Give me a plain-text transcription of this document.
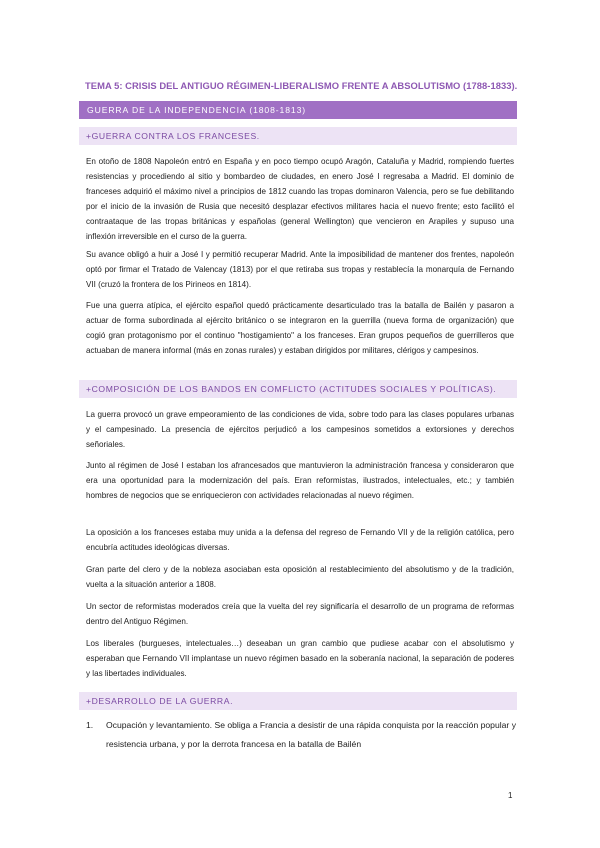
TEMA 5: CRISIS DEL ANTIGUO RÉGIMEN-LIBERALISMO FRENTE A ABSOLUTISMO (1788-1833).
GUERRA DE LA INDEPENDENCIA (1808-1813)
+GUERRA CONTRA LOS FRANCESES.
En otoño de 1808 Napoleón entró en España y en poco tiempo ocupó Aragón, Cataluña y Madrid, rompiendo fuertes resistencias y procediendo al sitio y bombardeo de ciudades, en enero José I regresaba a Madrid. El dominio de franceses adquirió el máximo nivel a principios de 1812 cuando las tropas dominaron Valencia, pero se fue debilitando por el inicio de la invasión de Rusia que necesitó desplazar efectivos militares hacia el nuevo frente; esto facilitó el contraataque de las tropas británicas y españolas (general Wellington) que vencieron en Arapiles y supuso una inflexión irreversible en el curso de la guerra.
Su avance obligó a huir a José I y permitió recuperar Madrid. Ante la imposibilidad de mantener dos frentes, napoleón optó por firmar el Tratado de Valencay (1813) por el que retiraba sus tropas y restablecía la monarquía de Fernando VII (cruzó la frontera de los Pirineos en 1814).
Fue una guerra atípica, el ejército español quedó prácticamente desarticulado tras la batalla de Bailén y pasaron a actuar de forma subordinada al ejército británico o se integraron en la guerrilla (nueva forma de organización) que cogió gran protagonismo por el continuo "hostigamiento" a los franceses. Eran grupos pequeños de guerrilleros que actuaban de manera informal (más en zonas rurales) y estaban dirigidos por militares, clérigos y campesinos.
+COMPOSICIÓN DE LOS BANDOS EN COMFLICTO (ACTITUDES SOCIALES Y POLÍTICAS).
La guerra provocó un grave empeoramiento de las condiciones de vida, sobre todo para las clases populares urbanas y el campesinado. La presencia de ejércitos perjudicó a los campesinos sometidos a extorsiones y derechos señoriales.
Junto al régimen de José I estaban los afrancesados que mantuvieron la administración francesa y consideraron que era una oportunidad para la modernización del país. Eran reformistas, ilustrados, intelectuales, etc.; y también hombres de negocios que se enriquecieron con actividades relacionadas al nuevo régimen.
La oposición a los franceses estaba muy unida a la defensa del regreso de Fernando VII y de la religión católica, pero encubría actitudes ideológicas diversas.
Gran parte del clero y de la nobleza asociaban esta oposición al restablecimiento del absolutismo y de la tradición, vuelta a la situación anterior a 1808.
Un sector de reformistas moderados creía que la vuelta del rey significaría el desarrollo de un programa de reformas dentro del Antiguo Régimen.
Los liberales (burgueses, intelectuales…) deseaban un gran cambio que pudiese acabar con el absolutismo y esperaban que Fernando VII implantase un nuevo régimen basado en la soberanía nacional, la separación de poderes y las libertades individuales.
+DESARROLLO DE LA GUERRA.
1. Ocupación y levantamiento. Se obliga a Francia a desistir de una rápida conquista por la reacción popular y resistencia urbana, y por la derrota francesa en la batalla de Bailén
1
